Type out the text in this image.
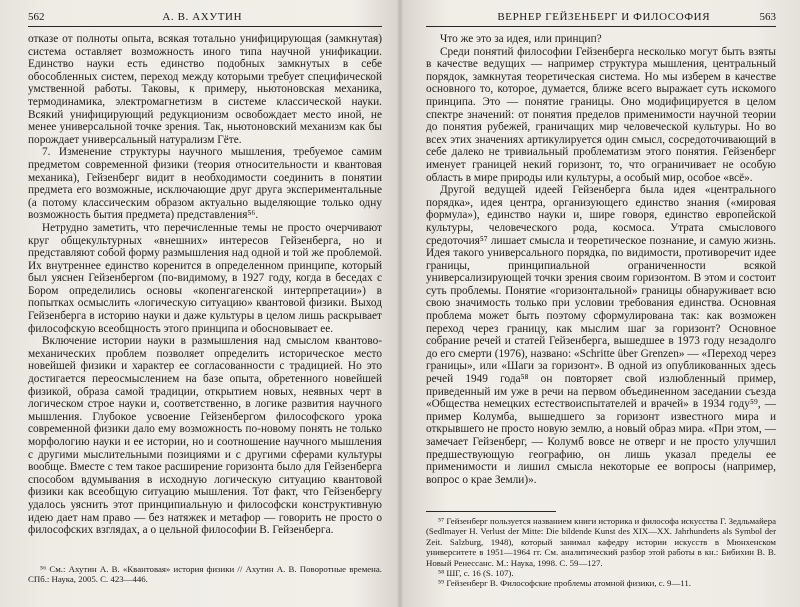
562	А. В. АХУТИН

отказе от полноты опыта, всякая тотально унифицирующая (замкнутая) система оставляет возможность иного типа научной унификации. Единство науки есть единство подобных замкнутых в себе обособленных систем, переход между которыми требует специфической умственной работы. Таковы, к примеру, ньютоновская механика, термодинамика, электромагнетизм в системе классической науки. Всякий унифицирующий редукционизм освобождает место иной, не менее универсальной точке зрения. Так, ньютоновский механизм как бы порождает универсальный натурализм Гёте.

7. Изменение структуры научного мышления, требуемое самим предметом современной физики (теория относительности и квантовая механика), Гейзенберг видит в необходимости соединить в понятии предмета его возможные, исключающие друг друга экспериментальные (а потому классическим образом актуально выделяющие только одну возможность бытия предмета) представления⁵⁶.

Нетрудно заметить, что перечисленные темы не просто очерчивают круг общекультурных «внешних» интересов Гейзенберга, но и представляют собой форму размышления над одной и той же проблемой. Их внутреннее единство коренится в определенном принципе, который был уяснен Гейзенбергом (по-видимому, в 1927 году, когда в беседах с Бором определились основы «копенгагенской интерпретации») в попытках осмыслить «логическую ситуацию» квантовой физики. Выход Гейзенберга в историю науки и даже культуры в целом лишь раскрывает философскую всеобщность этого принципа и обосновывает ее.

Включение истории науки в размышления над смыслом квантово-механических проблем позволяет определить историческое место новейшей физики и характер ее согласованности с традицией. Но это достигается переосмыслением на базе опыта, обретенного новейшей физикой, образа самой традиции, открытием новых, неявных черт в логическом строе науки и, соответственно, в логике развития научного мышления. Глубокое усвоение Гейзенбергом философского урока современной физики дало ему возможность по-новому понять не только морфологию науки и ее истории, но и соотношение научного мышления с другими мыслительными позициями и с другими сферами культуры вообще. Вместе с тем такое расширение горизонта было для Гейзенберга способом вдумывания в исходную логическую ситуацию квантовой физики как всеобщую ситуацию мышления. Тот факт, что Гейзенбергу удалось уяснить этот принципиальную и философски конструктивную идею дает нам право — без натяжек и метафор — говорить не просто о философских взглядах, а о цельной философии В. Гейзенберга.

⁵⁶ См.: Ахутин А. В. «Квантовая» история физики // Ахутин А. В. Поворотные времена. СПб.: Наука, 2005. С. 423—446.

ВЕРНЕР ГЕЙЗЕНБЕРГ И ФИЛОСОФИЯ	563

Что же это за идея, или принцип?

Среди понятий философии Гейзенберга несколько могут быть взяты в качестве ведущих — например структура мышления, центральный порядок, замкнутая теоретическая система. Но мы изберем в качестве основного то, которое, думается, ближе всего выражает суть искомого принципа. Это — понятие границы. Оно модифицируется в целом спектре значений: от понятия пределов применимости научной теории до понятия рубежей, граничащих мир человеческой культуры. Но во всех этих значениях артикулируется один смысл, сосредоточивающий в себе далеко не тривиальный проблематизм этого понятия. Гейзенберг именует границей некий горизонт, то, что ограничивает не особую область в мире природы или культуры, а особый мир, особое «всё».

Другой ведущей идеей Гейзенберга была идея «центрального порядка», идея центра, организующего единство знания («мировая формула»), единство науки и, шире говоря, единство европейской культуры, человеческого рода, космоса. Утрата смыслового средоточия⁵⁷ лишает смысла и теоретическое познание, и самую жизнь. Идея такого универсального порядка, по видимости, противоречит идее границы, принципиальной ограниченности всякой универсализирующей точки зрения своим горизонтом. В этом и состоит суть проблемы. Понятие «горизонтальной» границы обнаруживает всю свою значимость только при условии требования единства. Основная проблема может быть поэтому сформулирована так: как возможен переход через границу, как мыслим шаг за горизонт? Основное собрание речей и статей Гейзенберга, вышедшее в 1973 году незадолго до его смерти (1976), названо: «Schritte über Grenzen» — «Переход через границы», или «Шаги за горизонт». В одной из опубликованных здесь речей 1949 года⁵⁸ он повторяет свой излюбленный пример, приведенный им уже в речи на первом объединенном заседании съезда «Общества немецких естествоиспытателей и врачей» в 1934 году⁵⁹, — пример Колумба, вышедшего за горизонт известного мира и открывшего не просто новую землю, а новый образ мира. «При этом, — замечает Гейзенберг, — Колумб вовсе не отверг и не просто улучшил предшествующую географию, он лишь указал пределы ее применимости и лишил смысла некоторые ее вопросы (например, вопрос о крае Земли)».

⁵⁷ Гейзенберг пользуется названием книги историка и философа искусства Г. Зедльмайера (Sedlmayer H. Verlust der Mitte: Die bildende Kunst des XIX—XX. Jahrhunderts als Symbol der Zeit. Salzburg, 1948), который занимал кафедру истории искусств в Мюнхенском университете в 1951—1964 гг. См. аналитический разбор этой работы в кн.: Бибихин В. В. Новый Ренессанс. М.: Наука, 1998. С. 59—127.

⁵⁸ ШГ, с. 16 (S. 107).

⁵⁹ Гейзенберг В. Философские проблемы атомной физики, с. 9—11.
